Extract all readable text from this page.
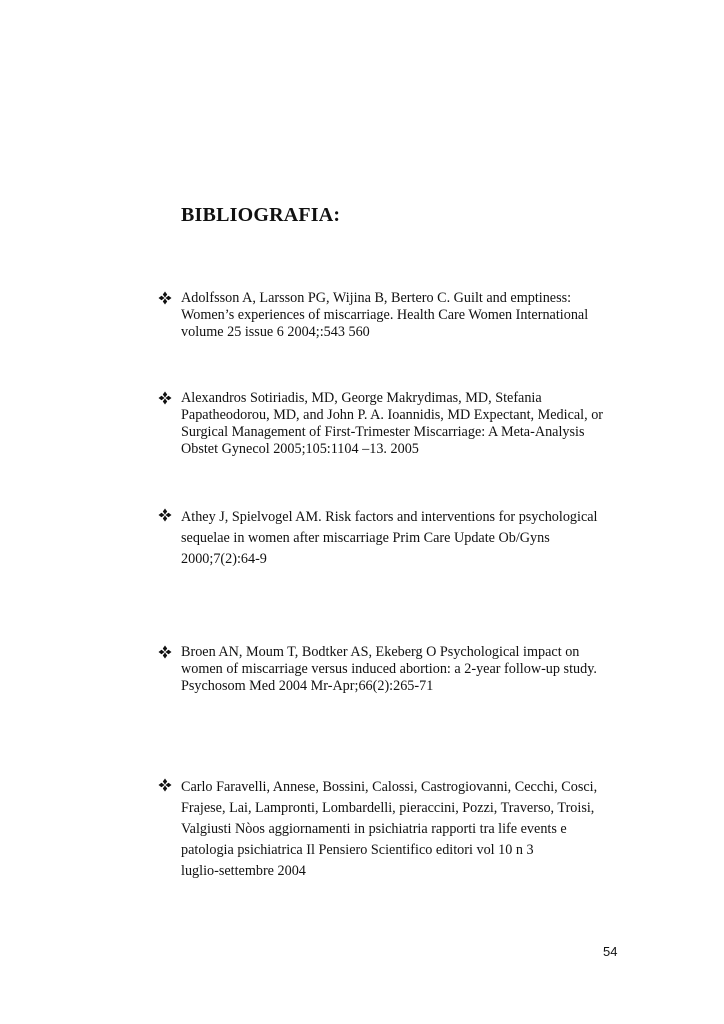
BIBLIOGRAFIA:
Adolfsson A, Larsson PG, Wijina B, Bertero C. Guilt and emptiness:
Women’s experiences of miscarriage. Health Care Women International
volume 25 issue 6 2004;:543 560
Alexandros Sotiriadis, MD, George Makrydimas, MD, Stefania
Papatheodorou, MD, and John P. A. Ioannidis, MD Expectant, Medical, or
Surgical Management of First-Trimester Miscarriage: A Meta-Analysis
Obstet Gynecol 2005;105:1104 –13. 2005
Athey J, Spielvogel AM. Risk factors and interventions for psychological
sequelae in women after miscarriage Prim Care Update Ob/Gyns
2000;7(2):64-9
Broen AN, Moum T, Bodtker AS, Ekeberg O Psychological impact on
women of miscarriage versus induced abortion: a 2-year follow-up study.
Psychosom Med 2004 Mr-Apr;66(2):265-71
Carlo Faravelli, Annese, Bossini, Calossi, Castrogiovanni, Cecchi, Cosci,
Frajese, Lai, Lampronti, Lombardelli, pieraccini, Pozzi, Traverso, Troisi,
Valgiusti Nòos aggiornamenti in psichiatria rapporti tra life events e
patologia psichiatrica Il Pensiero Scientifico editori vol 10 n 3
luglio-settembre 2004

54
